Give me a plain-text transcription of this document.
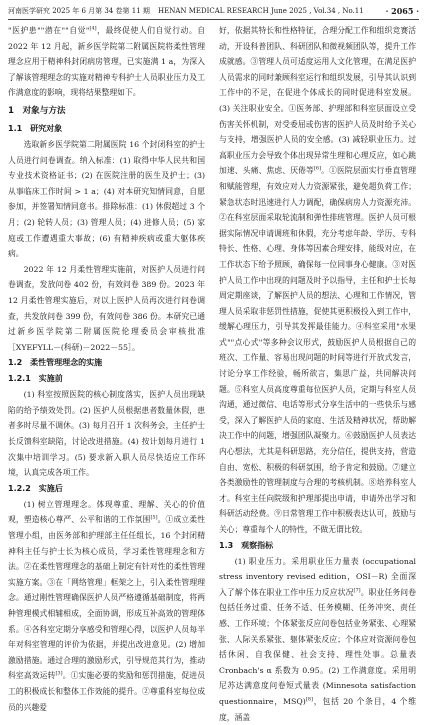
河南医学研究 2025 年 6 月第 34 卷第 11 期 HENAN MEDICAL RESEARCH June 2025 , Vol.34 , No.11	· 2065 ·

"医护患""潜在""自觉"[4]，最终促使人们自觉行动。自 2022 年 12 月起，新乡医学院第二附属医院将柔性管理理念应用于精神科封闭病房管理，已实施满 1 a，为深入了解该管理理念的实施对精神专科护士人员职业压力及工作满意度的影响，现将结果整理如下。

1　对象与方法
1.1　研究对象

选取新乡医学院第二附属医院 16 个封闭科室的护士人员进行问卷调查。纳入标准：(1) 取得中华人民共和国专业技术资格证书；(2) 在医院注册的医生及护士；(3) 从事临床工作时间 > 1 a；(4) 对本研究知情同意，自愿参加，并签署知情同意书。排除标准：(1) 休假超过 3 个月；(2) 轮转人员；(3) 管理人员；(4) 进修人员；(5) 家庭或工作遭遇重大事故；(6) 有精神疾病或重大躯体疾病。

2022 年 12 月柔性管理实施前，对医护人员进行问卷调查，发放问卷 402 份，有效问卷 389 份。2023 年 12 月柔性管理实施后，对以上医护人员再次进行问卷调查，共发放问卷 399 份，有效问卷 386 份。本研究已通过新乡医学院第二附属医院伦理委员会审核批准［XYEFYLL－(科研)－2022－55］。

1.2　柔性管理理念的实施
1.2.1　实施前

(1) 科室按照医院的核心制度落实，医护人员出现缺陷的给予绩效处罚。(2) 医护人员根据患者数量休假，患者多时尽量不调休。(3) 每月召开 1 次科务会，主任护士长反馈科室缺陷，讨论改进措施。(4) 按计划每月进行 1 次集中培训学习。(5) 要求新入职人员尽快适应工作环境，认真完成各项工作。

1.2.2　实施后

(1) 树立管理理念。体现尊重、理解、关心的价值观，塑造核心尊严、公平和谐的工作氛围[5]。①成立柔性管理小组，由医务部和护理部主任任组长，16 个封闭精神科主任与护士长为核心成员，学习柔性管理理念和方法。②在柔性管理理念的基础上制定有针对性的柔性管理实施方案。③在「网络管理」框架之上，引入柔性管理理念。通过刚性管理确保医护人员严格遵循基础制度，将两种管理模式相辅相成，全面协调，形成互补高效的管理体系。④各科室定期分享感受和管理心得，以医护人员每半年对科室管理的评价为依据，并提出改进意见。(2) 增加激励措施。通过合理的激励形式，引导规范其行为，推动科室高效运转[3]。①实施必要的奖励和惩罚措施，促进员工的积极成长和整体工作效能的提升。②尊重科室每位成员的兴趣爱

好，依据其特长和性格特征，合理分配工作和组织竞赛活动，开设科普团队、科研团队和微视频团队等，提升工作成就感。③管理人员可适度运用人文化管理，在满足医护人员需求的同时兼顾科室运行和组织发展，引导其认识到工作中的不足，在促进个体成长的同时促进科室发展。(3) 关注职业安全。①医务部、护理部和科室层面设立受伤害关怀机制，对受委屈或伤害的医护人员及时给予关心与支持，增强医护人员的安全感。(3) 减轻职业压力。过高职业压力会导致个体出现异常生理和心理反应，如心跳加速、头痛、焦虑、厌倦等[6]。①医院层面实行垂直管理和赋能管理，有效应对人力资源紧张，避免超负荷工作；紧急状态时迅速进行人力调配，确保病房人力资源充沛。②在科室层面采取轮流制和弹性排班管理。医护人员可根据实际情况申请调班和休假，充分考虑年龄、学历、专科特长、性格、心理、身体等因素合理安排，能级对应，在工作状态下给予照顾，确保每一位同事身心健康。③对医护人员工作中出现的问题及时予以指导，主任和护士长每周定期座谈，了解医护人员的想法、心理和工作情况，管理人员采取非惩罚性措施，促使其更积极投入到工作中，缓解心理压力，引导其发挥最佳能力。④科室采用"水果式""点心式"等多种会议形式，鼓励医护人员根据自己的班次、工作量、容易出现问题的时间等进行开放式发言，讨论分享工作经验，畅所欲言，集思广益，共同解决问题。⑤科室人员高度尊重每位医护人员，定期与科室人员沟通，通过微信、电话等形式分享生活中的一些快乐与感受，深入了解医护人员的家庭、生活及精神状况，帮助解决工作中的问题，增强团队凝聚力。⑥鼓励医护人员表达内心想法，尤其是科研思路，充分信任，提供支持，营造自由、宽松、积极的科研氛围，给予肯定和鼓励。⑦建立各类激励性的管理制度与合理的考核机制。⑧培养科室人才。科室主任向院级和护理部提出申请，申请外出学习和科研活动经费。⑨日常管理工作中积极表达认可，鼓励与关心；尊重每个人的特性，不做无谓比较。

1.3　观察指标

(1) 职业压力。采用职业压力量表 (occupational stress inventory revised edition，OSI－R) 全面深入了解个体在职业工作中压力反应状况[7]。职业任务问卷包括任务过重、任务不适、任务模糊、任务冲突、责任感、工作环境；个体紧张反应问卷包括业务紧张、心理紧张、人际关系紧张、躯体紧张反应；个体应对资源问卷包括休闲、自我保健、社会支持、理性处事。总量表 Cronbach's α 系数为 0.95。(2) 工作满意度。采用明尼苏达满意度问卷短式量表 (Minnesota satisfaction questionnaire，MSQ)[8]，包括 20 个条目，4 个维度，涵盖
